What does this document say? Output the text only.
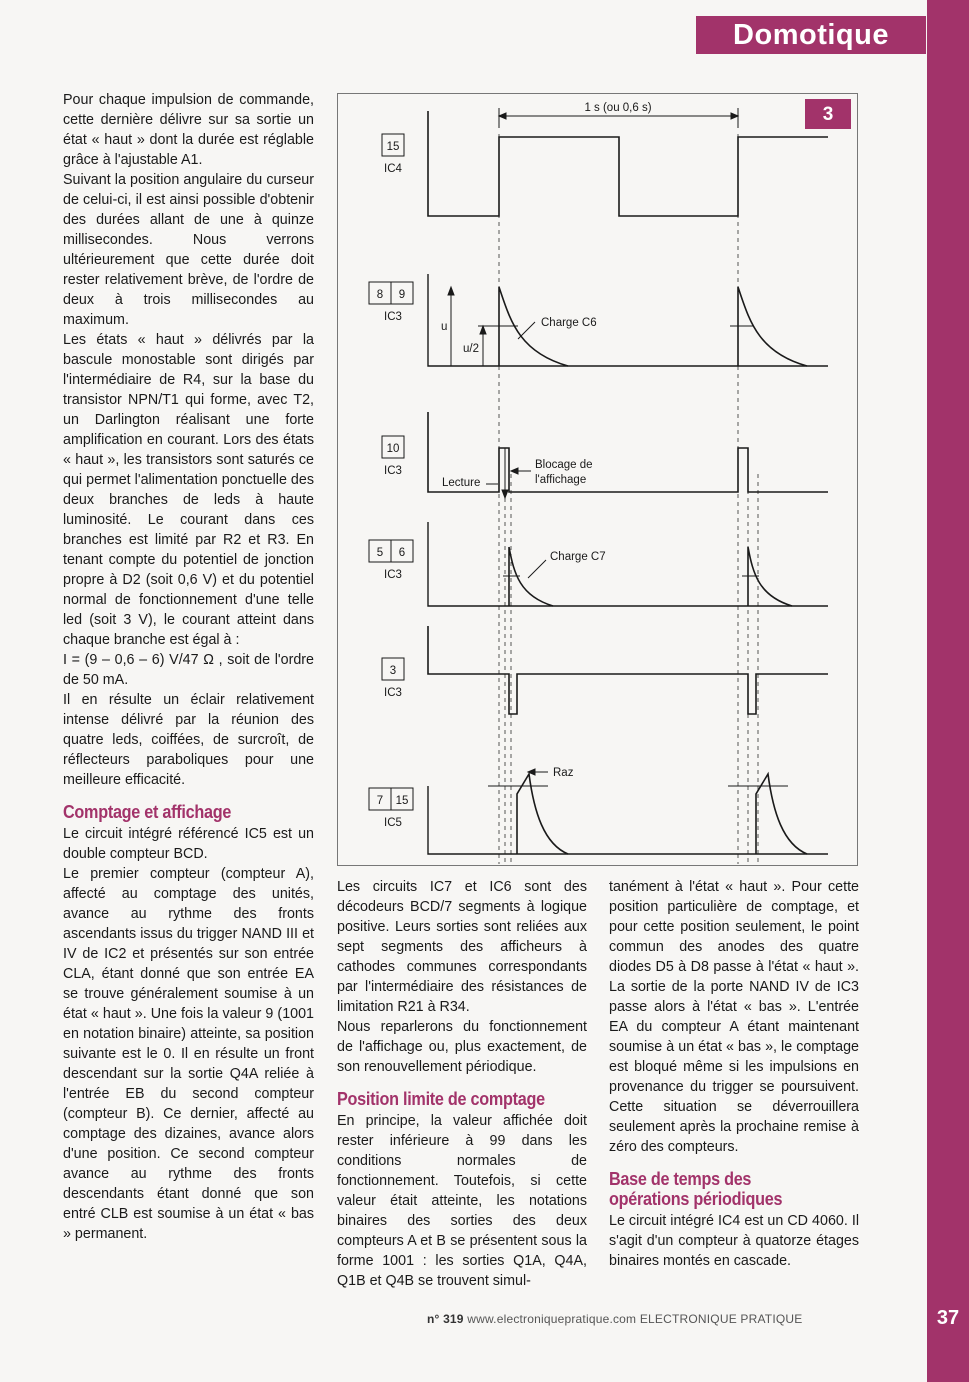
Domotique
37

Pour chaque impulsion de commande, cette dernière délivre sur sa sortie un état « haut » dont la durée est réglable grâce à l'ajustable A1.

Suivant la position angulaire du curseur de celui-ci, il est ainsi possible d'obtenir des durées allant de une à quinze millisecondes. Nous verrons ultérieurement que cette durée doit rester relativement brève, de l'ordre de deux à trois millisecondes au maximum.

Les états « haut » délivrés par la bascule monostable sont dirigés par l'intermédiaire de R4, sur la base du transistor NPN/T1 qui forme, avec T2, un Darlington réalisant une forte amplification en courant. Lors des états « haut », les transistors sont saturés ce qui permet l'alimentation ponctuelle des deux branches de leds à haute luminosité. Le courant dans ces branches est limité par R2 et R3. En tenant compte du potentiel de jonction propre à D2 (soit 0,6 V) et du potentiel normal de fonctionnement d'une telle led (soit 3 V), le courant atteint dans chaque branche est égal à :

I = (9 – 0,6 – 6) V/47 Ω , soit de l'ordre de 50 mA.

Il en résulte un éclair relativement intense délivré par la réunion des quatre leds, coiffées, de surcroît, de réflecteurs paraboliques pour une meilleure efficacité.

Comptage et affichage

Le circuit intégré référencé IC5 est un double compteur BCD.

Le premier compteur (compteur A), affecté au comptage des unités, avance au rythme des fronts ascendants issus du trigger NAND III et IV de IC2 et présentés sur son entrée CLA, étant donné que son entrée EA se trouve généralement soumise à un état « haut ». Une fois la valeur 9 (1001 en notation binaire) atteinte, sa position suivante est le 0. Il en résulte un front descendant sur la sortie Q4A reliée à l'entrée EB du second compteur (compteur B). Ce dernier, affecté au comptage des dizaines, avance alors d'une position. Ce second compteur avance au rythme des fronts descendants étant donné que son entré CLB est soumise à un état « bas » permanent.

3
1 s (ou 0,6 s)
15
IC4
8 9
IC3
10
IC3
5 6
IC3
3
IC3
7 15
IC5
u
u/2
Charge C6
Lecture
Blocage de
l'affichage
Charge C7
Raz

Les circuits IC7 et IC6 sont des décodeurs BCD/7 segments à logique positive. Leurs sorties sont reliées aux sept segments des afficheurs à cathodes communes correspondants par l'intermédiaire des résistances de limitation R21 à R34.

Nous reparlerons du fonctionnement de l'affichage ou, plus exactement, de son renouvellement périodique.

Position limite de comptage

En principe, la valeur affichée doit rester inférieure à 99 dans les conditions normales de fonctionnement. Toutefois, si cette valeur était atteinte, les notations binaires des sorties des deux compteurs A et B se présentent sous la forme 1001 : les sorties Q1A, Q4A, Q1B et Q4B se trouvent simul-

tanément à l'état « haut ». Pour cette position particulière de comptage, et pour cette position seulement, le point commun des anodes des quatre diodes D5 à D8 passe à l'état « haut ». La sortie de la porte NAND IV de IC3 passe alors à l'état « bas ». L'entrée EA du compteur A étant maintenant soumise à un état « bas », le comptage est bloqué même si les impulsions en provenance du trigger se poursuivent. Cette situation se déverrouillera seulement après la prochaine remise à zéro des compteurs.

Base de temps des opérations périodiques

Le circuit intégré IC4 est un CD 4060. Il s'agit d'un compteur à quatorze étages binaires montés en cascade.

n° 319 www.electroniquepratique.com ELECTRONIQUE PRATIQUE
